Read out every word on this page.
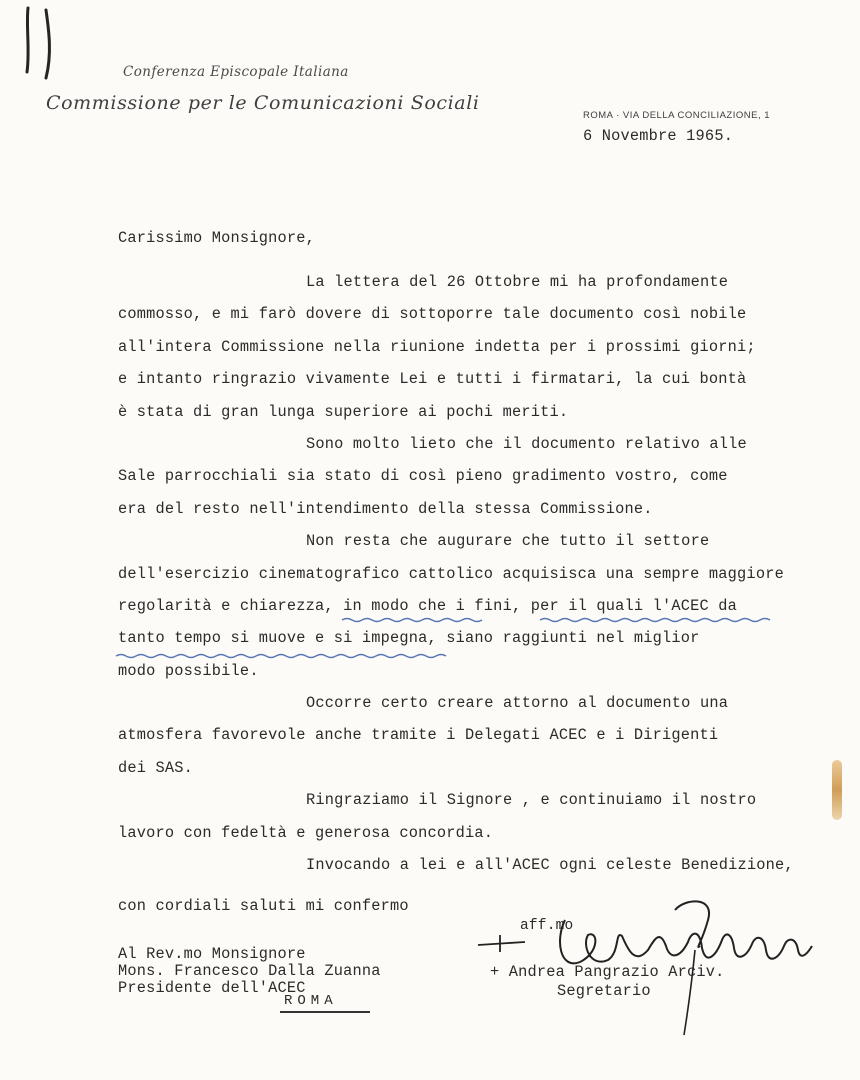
Conferenza Episcopale Italiana
Commissione per le Comunicazioni Sociali
ROMA · VIA DELLA CONCILIAZIONE, 1
6 Novembre 1965.
Carissimo Monsignore,
La lettera del 26 Ottobre mi ha profondamente
commosso, e mi farò dovere di sottoporre tale documento così nobile
all'intera Commissione nella riunione indetta per i prossimi giorni;
e intanto ringrazio vivamente Lei e tutti i firmatari, la cui bontà
è stata di gran lunga superiore ai pochi meriti.
Sono molto lieto che il documento relativo alle
Sale parrocchiali sia stato di così pieno gradimento vostro, come
era del resto nell'intendimento della stessa Commissione.
Non resta che augurare che tutto il settore
dell'esercizio cinematografico cattolico acquisisca una sempre maggiore
regolarità e chiarezza, in modo che i fini, per il quali l'ACEC da
tanto tempo si muove e si impegna, siano raggiunti nel miglior
modo possibile.
Occorre certo creare attorno al documento una
atmosfera favorevole anche tramite i Delegati ACEC e i Dirigenti
dei SAS.
Ringraziamo il Signore , e continuiamo il nostro
lavoro con fedeltà e generosa concordia.
Invocando a lei e all'ACEC ogni celeste Benedizione,
con cordiali saluti mi confermo
Al Rev.mo Monsignore
Mons. Francesco Dalla Zuanna
Presidente dell'ACEC
ROMA
aff.mo
+ Andrea Pangrazio Arciv.
Segretario
